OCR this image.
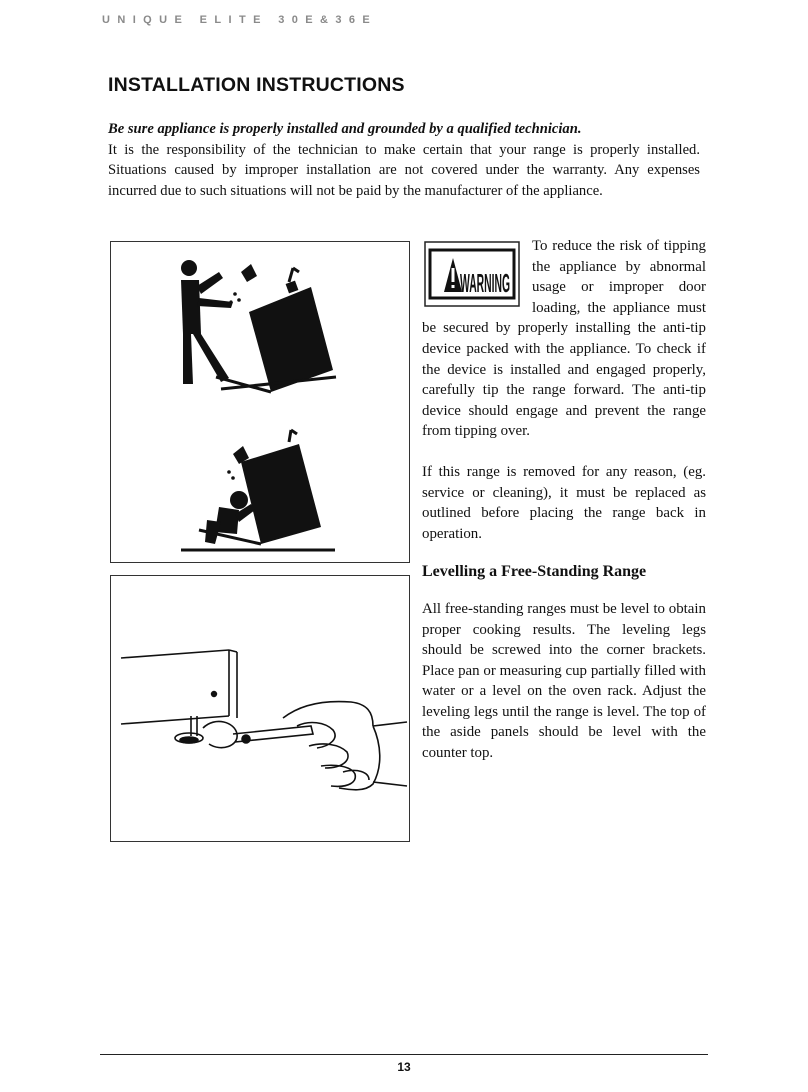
UNIQUE ELITE 30E&36E
INSTALLATION INSTRUCTIONS

Be sure appliance is properly installed and grounded by a qualified technician.
It is the responsibility of the technician to make certain that your range is properly installed. Situations caused by improper installation are not covered under the warranty. Any expenses incurred due to such situations will not be paid by the manufacturer of the appliance.

WARNING

To reduce the risk of tipping the appliance by abnormal usage or improper door loading, the appliance must be secured by properly installing the anti-tip device packed with the appliance. To check if the device is installed and engaged properly, carefully tip the range forward. The anti-tip device should engage and prevent the range from tipping over.

If this range is removed for any reason, (eg. service or cleaning), it must be replaced as outlined before placing the range back in operation.

Levelling a Free-Standing Range

All free-standing ranges must be level to obtain proper cooking results. The leveling legs should be screwed into the corner brackets. Place pan or measuring cup partially filled with water or a level on the oven rack. Adjust the leveling legs until the range is level. The top of the aside panels should be level with the counter top.

13
